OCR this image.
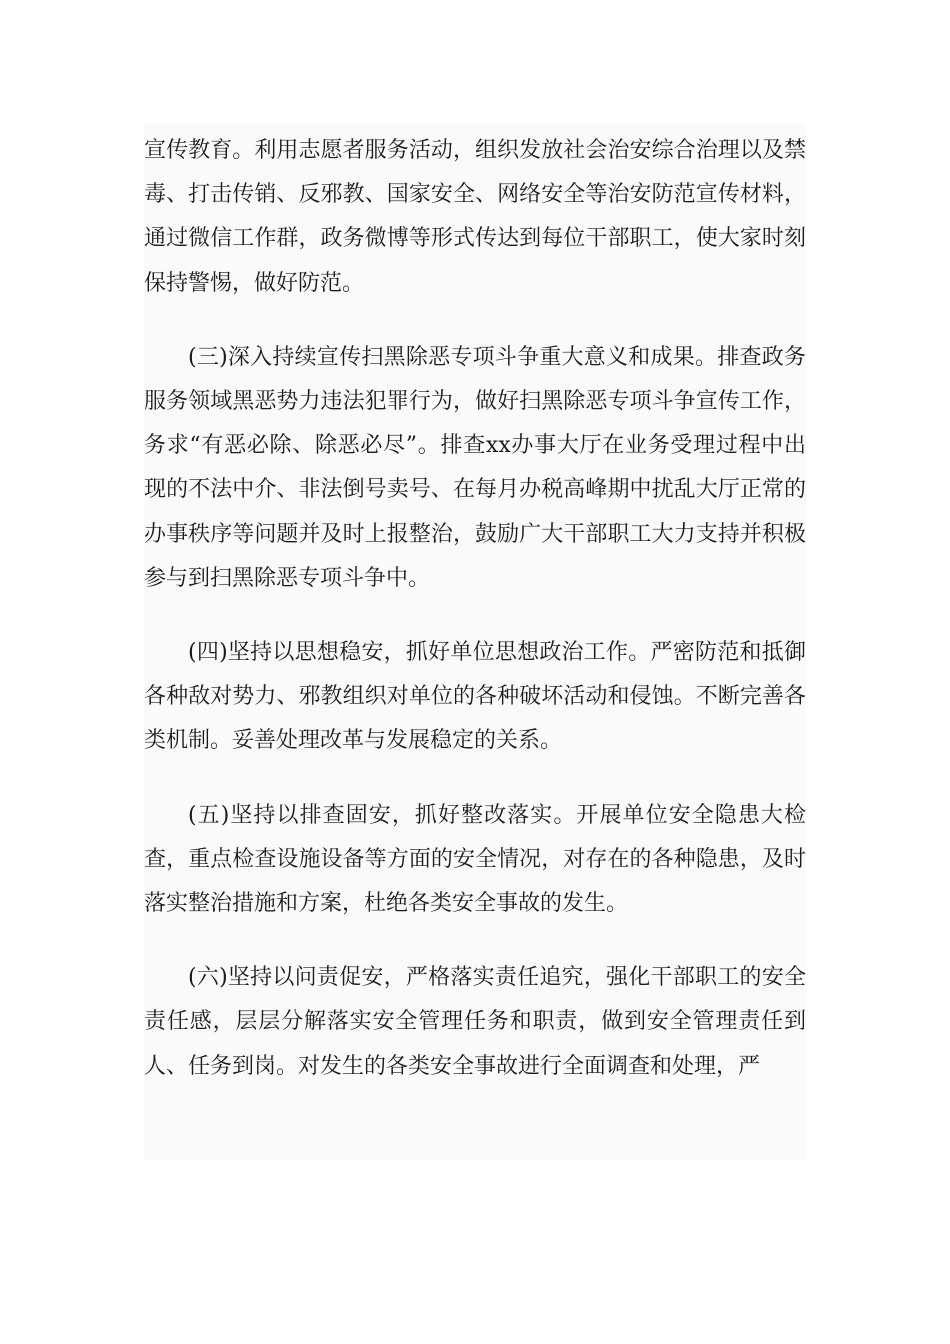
宣传教育。利用志愿者服务活动，组织发放社会治安综合治理以及禁毒、打击传销、反邪教、国家安全、网络安全等治安防范宣传材料，通过微信工作群，政务微博等形式传达到每位干部职工，使大家时刻保持警惕，做好防范。

(三)深入持续宣传扫黑除恶专项斗争重大意义和成果。排查政务服务领域黑恶势力违法犯罪行为，做好扫黑除恶专项斗争宣传工作，务求“有恶必除、除恶必尽”。排查xx办事大厅在业务受理过程中出现的不法中介、非法倒号卖号、在每月办税高峰期中扰乱大厅正常的办事秩序等问题并及时上报整治，鼓励广大干部职工大力支持并积极参与到扫黑除恶专项斗争中。

(四)坚持以思想稳安，抓好单位思想政治工作。严密防范和抵御各种敌对势力、邪教组织对单位的各种破坏活动和侵蚀。不断完善各类机制。妥善处理改革与发展稳定的关系。

(五)坚持以排查固安，抓好整改落实。开展单位安全隐患大检查，重点检查设施设备等方面的安全情况，对存在的各种隐患，及时落实整治措施和方案，杜绝各类安全事故的发生。

(六)坚持以问责促安，严格落实责任追究，强化干部职工的安全责任感，层层分解落实安全管理任务和职责，做到安全管理责任到人、任务到岗。对发生的各类安全事故进行全面调查和处理，严
